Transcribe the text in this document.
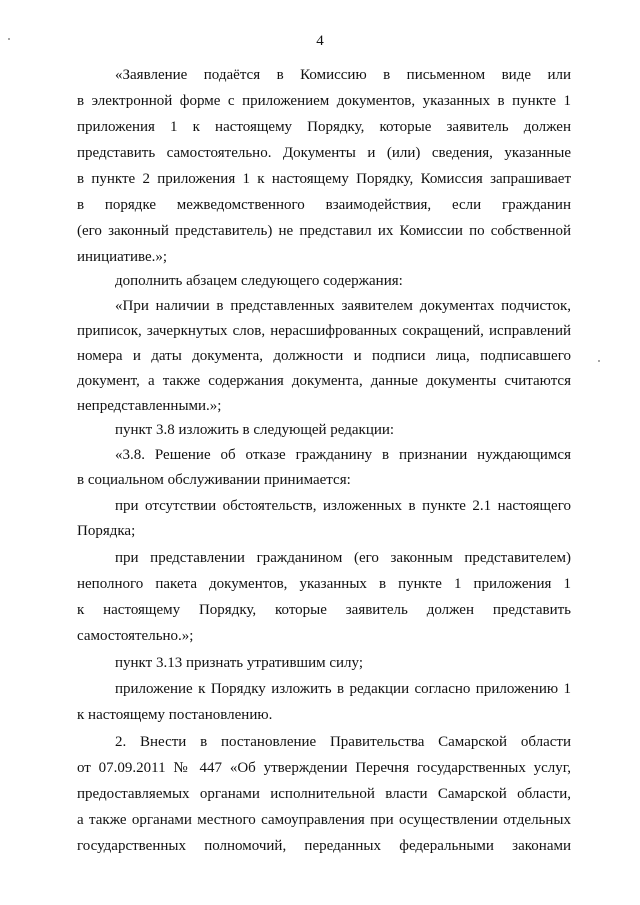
4
«Заявление подаётся в Комиссию в письменном виде или
в электронной форме с приложением документов, указанных в пункте 1
приложения 1 к настоящему Порядку, которые заявитель должен
представить самостоятельно. Документы и (или) сведения, указанные
в пункте 2 приложения 1 к настоящему Порядку, Комиссия запрашивает
в порядке межведомственного взаимодействия, если гражданин
(его законный представитель) не представил их Комиссии по собственной
инициативе.»;
дополнить абзацем следующего содержания:
«При наличии в представленных заявителем документах подчисток,
приписок, зачеркнутых слов, нерасшифрованных сокращений, исправлений
номера и даты документа, должности и подписи лица, подписавшего
документ, а также содержания документа, данные документы считаются
непредставленными.»;
пункт 3.8 изложить в следующей редакции:
«3.8. Решение об отказе гражданину в признании нуждающимся
в социальном обслуживании принимается:
при отсутствии обстоятельств, изложенных в пункте 2.1 настоящего
Порядка;
при представлении гражданином (его законным представителем)
неполного пакета документов, указанных в пункте 1 приложения 1
к настоящему Порядку, которые заявитель должен представить
самостоятельно.»;
пункт 3.13 признать утратившим силу;
приложение к Порядку изложить в редакции согласно приложению 1
к настоящему постановлению.
2. Внести в постановление Правительства Самарской области
от 07.09.2011 № 447 «Об утверждении Перечня государственных услуг,
предоставляемых органами исполнительной власти Самарской области,
а также органами местного самоуправления при осуществлении отдельных
государственных полномочий, переданных федеральными законами
